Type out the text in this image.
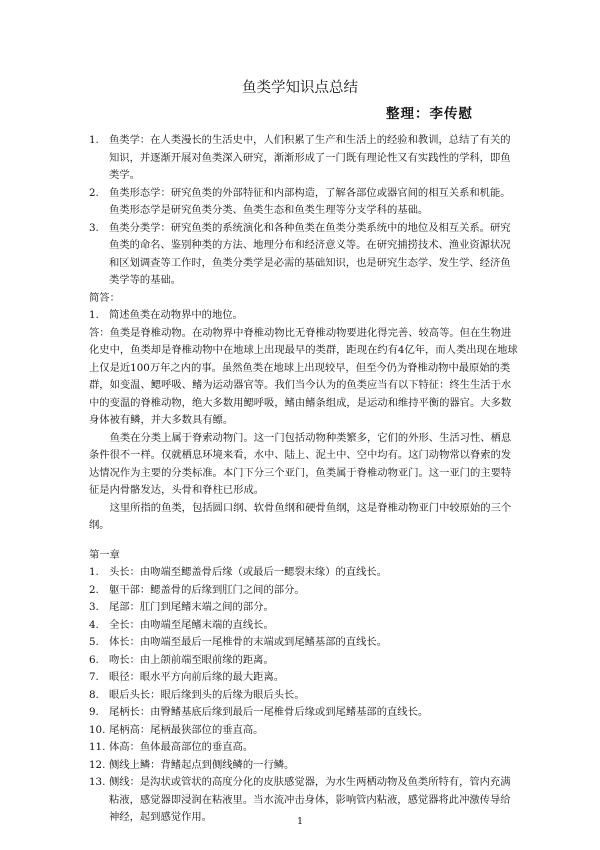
鱼类学知识点总结
整理：李传慰
1. 鱼类学：在人类漫长的生活史中，人们积累了生产和生活上的经验和教训，总结了有关的知识，并逐渐开展对鱼类深入研究，渐渐形成了一门既有理论性又有实践性的学科，即鱼类学。

2. 鱼类形态学：研究鱼类的外部特征和内部构造，了解各部位或器官间的相互关系和机能。鱼类形态学是研究鱼类分类、鱼类生态和鱼类生理等分支学科的基础。

3. 鱼类分类学：研究鱼类的系统演化和各种鱼类在鱼类分类系统中的地位及相互关系。研究鱼类的命名、鉴别种类的方法、地理分布和经济意义等。在研究捕捞技术、渔业资源状况和区划调查等工作时，鱼类分类学是必需的基础知识，也是研究生态学、发生学、经济鱼类学等的基础。

简答：

1. 简述鱼类在动物界中的地位。

答：鱼类是脊椎动物。在动物界中脊椎动物比无脊椎动物要进化得完善、较高等。但在生物进化史中，鱼类却是脊椎动物中在地球上出现最早的类群，距现在约有4亿年，而人类出现在地球上仅是近100万年之内的事。虽然鱼类在地球上出现较早，但至今仍为脊椎动物中最原始的类群，如变温、鳃呼吸、鳍为运动器官等。我们当今认为的鱼类应当有以下特征：终生生活于水中的变温的脊椎动物，绝大多数用鳃呼吸，鳍由鳍条组成，是运动和维持平衡的器官。大多数身体被有鳞，并大多数具有鳔。

鱼类在分类上属于脊索动物门。这一门包括动物种类繁多，它们的外形、生活习性、栖息条件很不一样。仅就栖息环境来看，水中、陆上、泥土中、空中均有。这门动物常以脊索的发达情况作为主要的分类标准。本门下分三个亚门，鱼类属于脊椎动物亚门。这一亚门的主要特征是内骨骼发达，头骨和脊柱已形成。

这里所指的鱼类，包括圆口纲、软骨鱼纲和硬骨鱼纲，这是脊椎动物亚门中较原始的三个纲。

第一章

1. 头长：由吻端至鳃盖骨后缘（或最后一鳃裂末缘）的直线长。

2. 躯干部：鳃盖骨的后缘到肛门之间的部分。

3. 尾部：肛门到尾鳍末端之间的部分。

4. 全长：由吻端至尾鳍末端的直线长。

5. 体长：由吻端至最后一尾椎骨的末端或到尾鳍基部的直线长。

6. 吻长：由上颌前端至眼前缘的距离。

7. 眼径：眼水平方向前后缘的最大距离。

8. 眼后头长：眼后缘到头的后缘为眼后头长。

9. 尾柄长：由臀鳍基底后缘到最后一尾椎骨后缘或到尾鳍基部的直线长。

10. 尾柄高：尾柄最狭部位的垂直高。

11. 体高：鱼体最高部位的垂直高。

12. 侧线上鳞：背鳍起点到侧线鳞的一行鳞。

13. 侧线：是沟状或管状的高度分化的皮肤感觉器，为水生两栖动物及鱼类所特有，管内充满粘液，感觉器即浸润在粘液里。当水流冲击身体，影响管内粘液，感觉器将此冲激传导给神经，起到感觉作用。	1
